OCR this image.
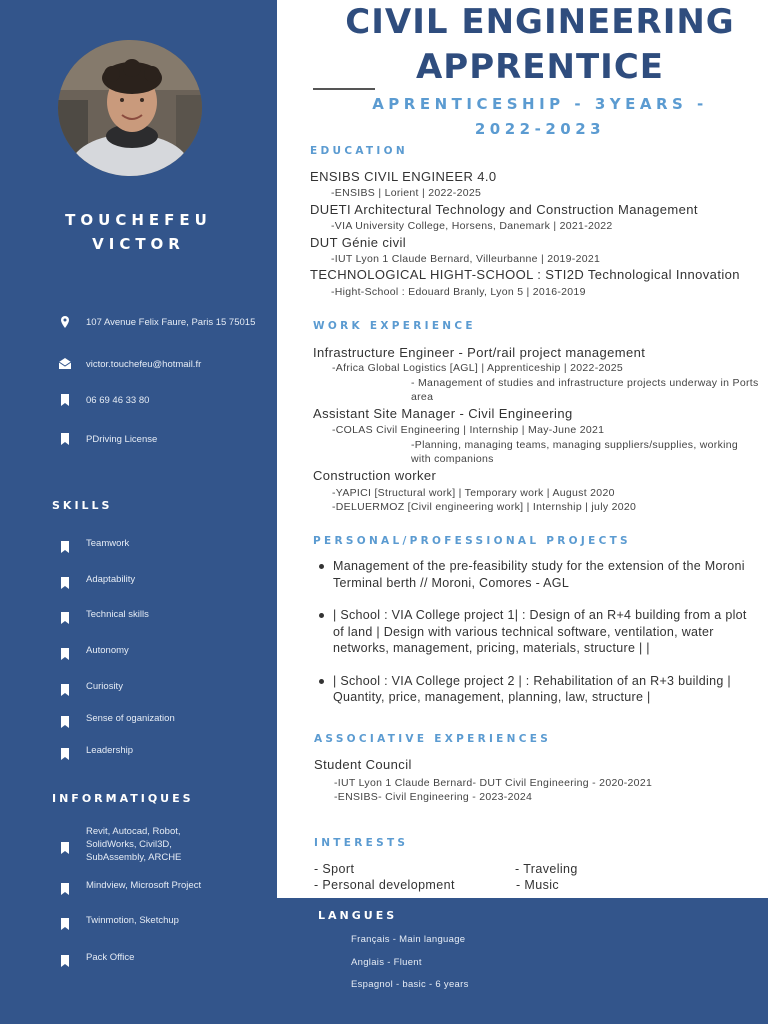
TOUCHEFEU
VICTOR
107 Avenue Felix Faure, Paris 15 75015
victor.touchefeu@hotmail.fr
06 69 46 33 80
PDriving License
SKILLS
Teamwork
Adaptability
Technical skills
Autonomy
Curiosity
Sense of oganization
Leadership
INFORMATIQUES
Revit, Autocad, Robot, SolidWorks, Civil3D, SubAssembly, ARCHE
Mindview, Microsoft Project
Twinmotion, Sketchup
Pack Office
CIVIL ENGINEERING
APPRENTICE
APRENTICESHIP - 3YEARS -
2022-2023
EDUCATION
ENSIBS CIVIL ENGINEER 4.0
-ENSIBS | Lorient | 2022-2025
DUETI Architectural Technology and Construction Management
-VIA University College, Horsens, Danemark | 2021-2022
DUT Génie civil
-IUT Lyon 1 Claude Bernard, Villeurbanne | 2019-2021
TECHNOLOGICAL HIGHT-SCHOOL : STI2D Technological Innovation
-Hight-School : Edouard Branly, Lyon 5 | 2016-2019
WORK EXPERIENCE
Infrastructure Engineer - Port/rail project management
-Africa Global Logistics [AGL] | Apprenticeship | 2022-2025
- Management of studies and infrastructure projects underway in Ports area
Assistant Site Manager - Civil Engineering
-COLAS Civil Engineering | Internship | May-June 2021
-Planning, managing teams, managing suppliers/supplies, working with companions
Construction worker
-YAPICI [Structural work] | Temporary work | August 2020
-DELUERMOZ [Civil engineering work] | Internship | july 2020
PERSONAL/PROFESSIONAL PROJECTS
Management of the pre-feasibility study for the extension of the Moroni Terminal berth // Moroni, Comores - AGL
| School : VIA College project 1| : Design of an R+4 building from a plot of land | Design with various technical software, ventilation, water networks, management, pricing, materials, structure | |
| School : VIA College project 2 | : Rehabilitation of an R+3 building | Quantity, price, management, planning, law, structure |
ASSOCIATIVE EXPERIENCES
Student Council
-IUT Lyon 1 Claude Bernard- DUT Civil Engineering - 2020-2021
-ENSIBS- Civil Engineering - 2023-2024
INTERESTS
- Sport	- Traveling
- Personal development	- Music
LANGUES
Français - Main language
Anglais - Fluent
Espagnol - basic - 6 years
